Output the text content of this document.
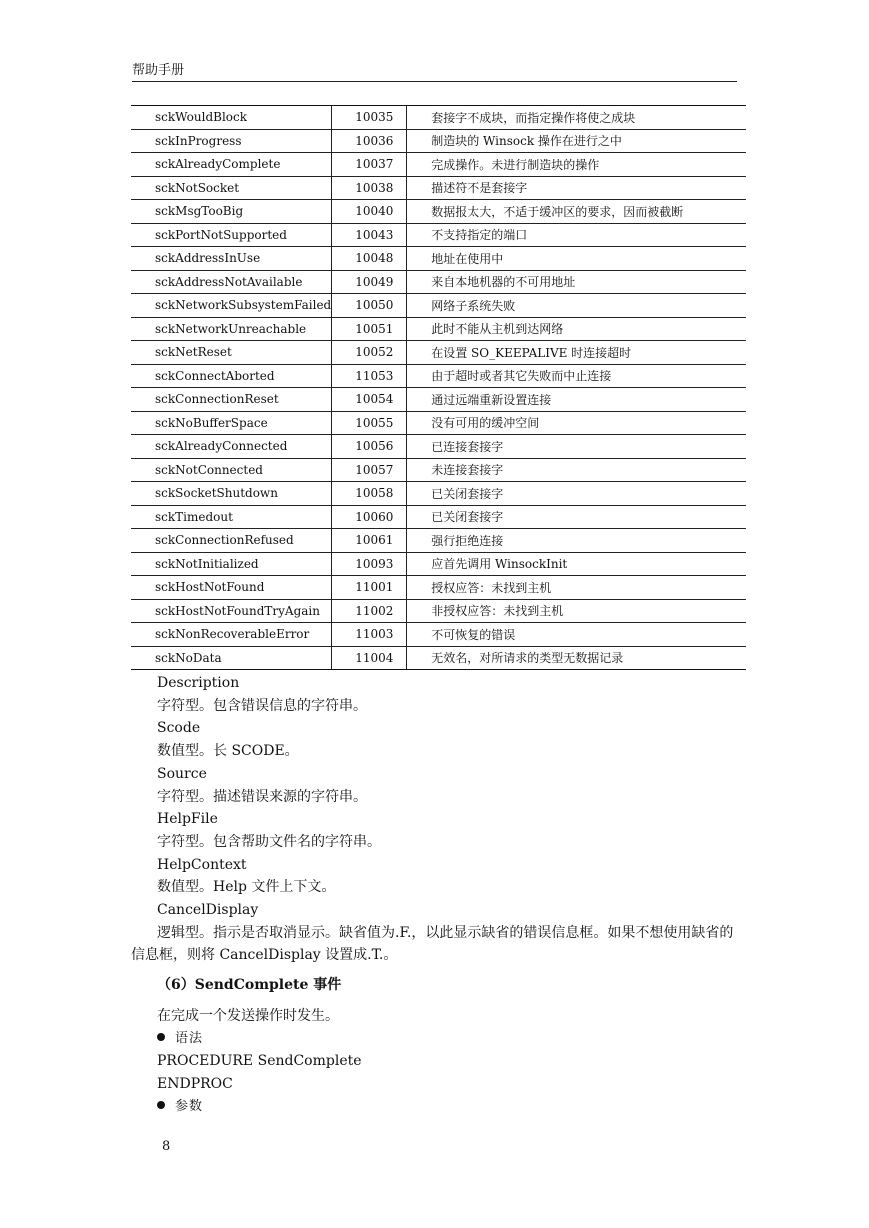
帮助手册
sckWouldBlock	10035	套接字不成块，而指定操作将使之成块
sckInProgress	10036	制造块的 Winsock 操作在进行之中
sckAlreadyComplete	10037	完成操作。未进行制造块的操作
sckNotSocket	10038	描述符不是套接字
sckMsgTooBig	10040	数据报太大，不适于缓冲区的要求，因而被截断
sckPortNotSupported	10043	不支持指定的端口
sckAddressInUse	10048	地址在使用中
sckAddressNotAvailable	10049	来自本地机器的不可用地址
sckNetworkSubsystemFailed	10050	网络子系统失败
sckNetworkUnreachable	10051	此时不能从主机到达网络
sckNetReset	10052	在设置 SO_KEEPALIVE 时连接超时
sckConnectAborted	11053	由于超时或者其它失败而中止连接
sckConnectionReset	10054	通过远端重新设置连接
sckNoBufferSpace	10055	没有可用的缓冲空间
sckAlreadyConnected	10056	已连接套接字
sckNotConnected	10057	未连接套接字
sckSocketShutdown	10058	已关闭套接字
sckTimedout	10060	已关闭套接字
sckConnectionRefused	10061	强行拒绝连接
sckNotInitialized	10093	应首先调用 WinsockInit
sckHostNotFound	11001	授权应答：未找到主机
sckHostNotFoundTryAgain	11002	非授权应答：未找到主机
sckNonRecoverableError	11003	不可恢复的错误
sckNoData	11004	无效名，对所请求的类型无数据记录

Description

字符型。包含错误信息的字符串。

Scode

数值型。长 SCODE。

Source

字符型。描述错误来源的字符串。

HelpFile

字符型。包含帮助文件名的字符串。

HelpContext

数值型。Help 文件上下文。

CancelDisplay

逻辑型。指示是否取消显示。缺省值为.F.，以此显示缺省的错误信息框。如果不想使用缺省的信息框，则将 CancelDisplay 设置成.T.。

（6）SendComplete 事件

在完成一个发送操作时发生。

语法

PROCEDURE SendComplete

ENDPROC

参数

8
